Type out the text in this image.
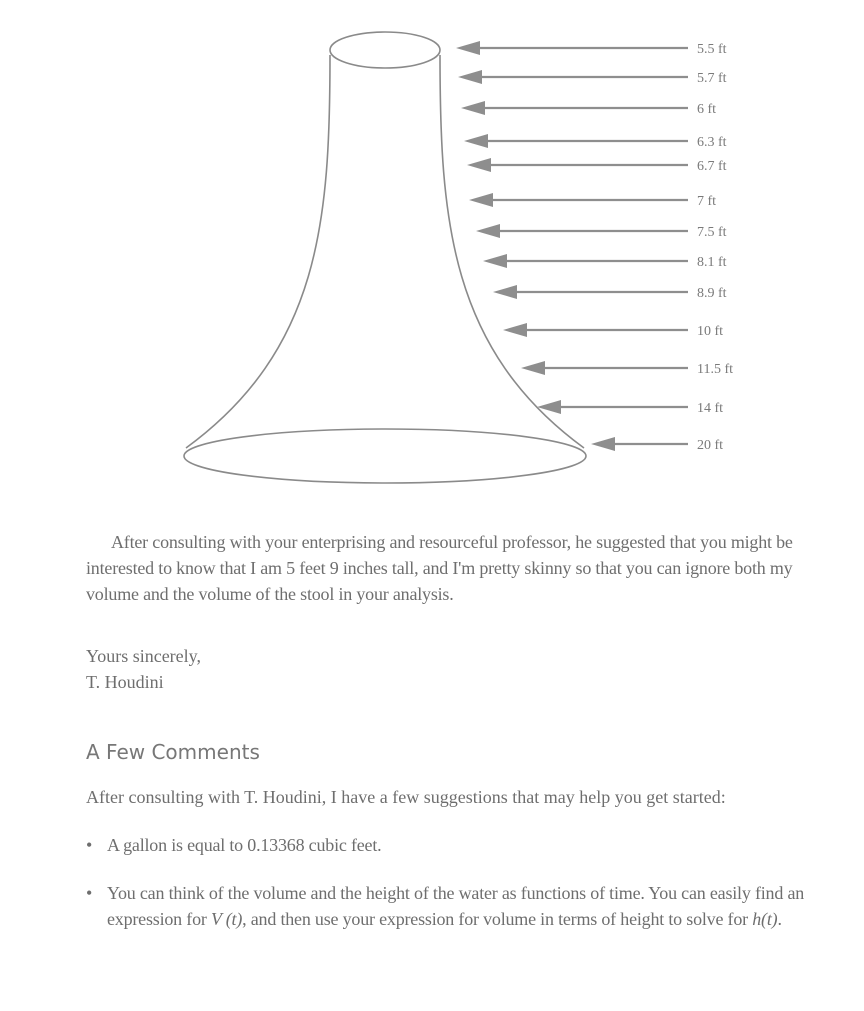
5.5 ft
5.7 ft
6 ft
6.3 ft
6.7 ft
7 ft
7.5 ft
8.1 ft
8.9 ft
10 ft
11.5 ft
14 ft
20 ft

After consulting with your enterprising and resourceful professor, he suggested that you might be interested to know that I am 5 feet 9 inches tall, and I'm pretty skinny so that you can ignore both my volume and the volume of the stool in your analysis.

Yours sincerely,

T. Houdini

A Few Comments

After consulting with T. Houdini, I have a few suggestions that may help you get started:

• A gallon is equal to 0.13368 cubic feet.
• You can think of the volume and the height of the water as functions of time. You can easily find an expression for V (t), and then use your expression for volume in terms of height to solve for h(t).
